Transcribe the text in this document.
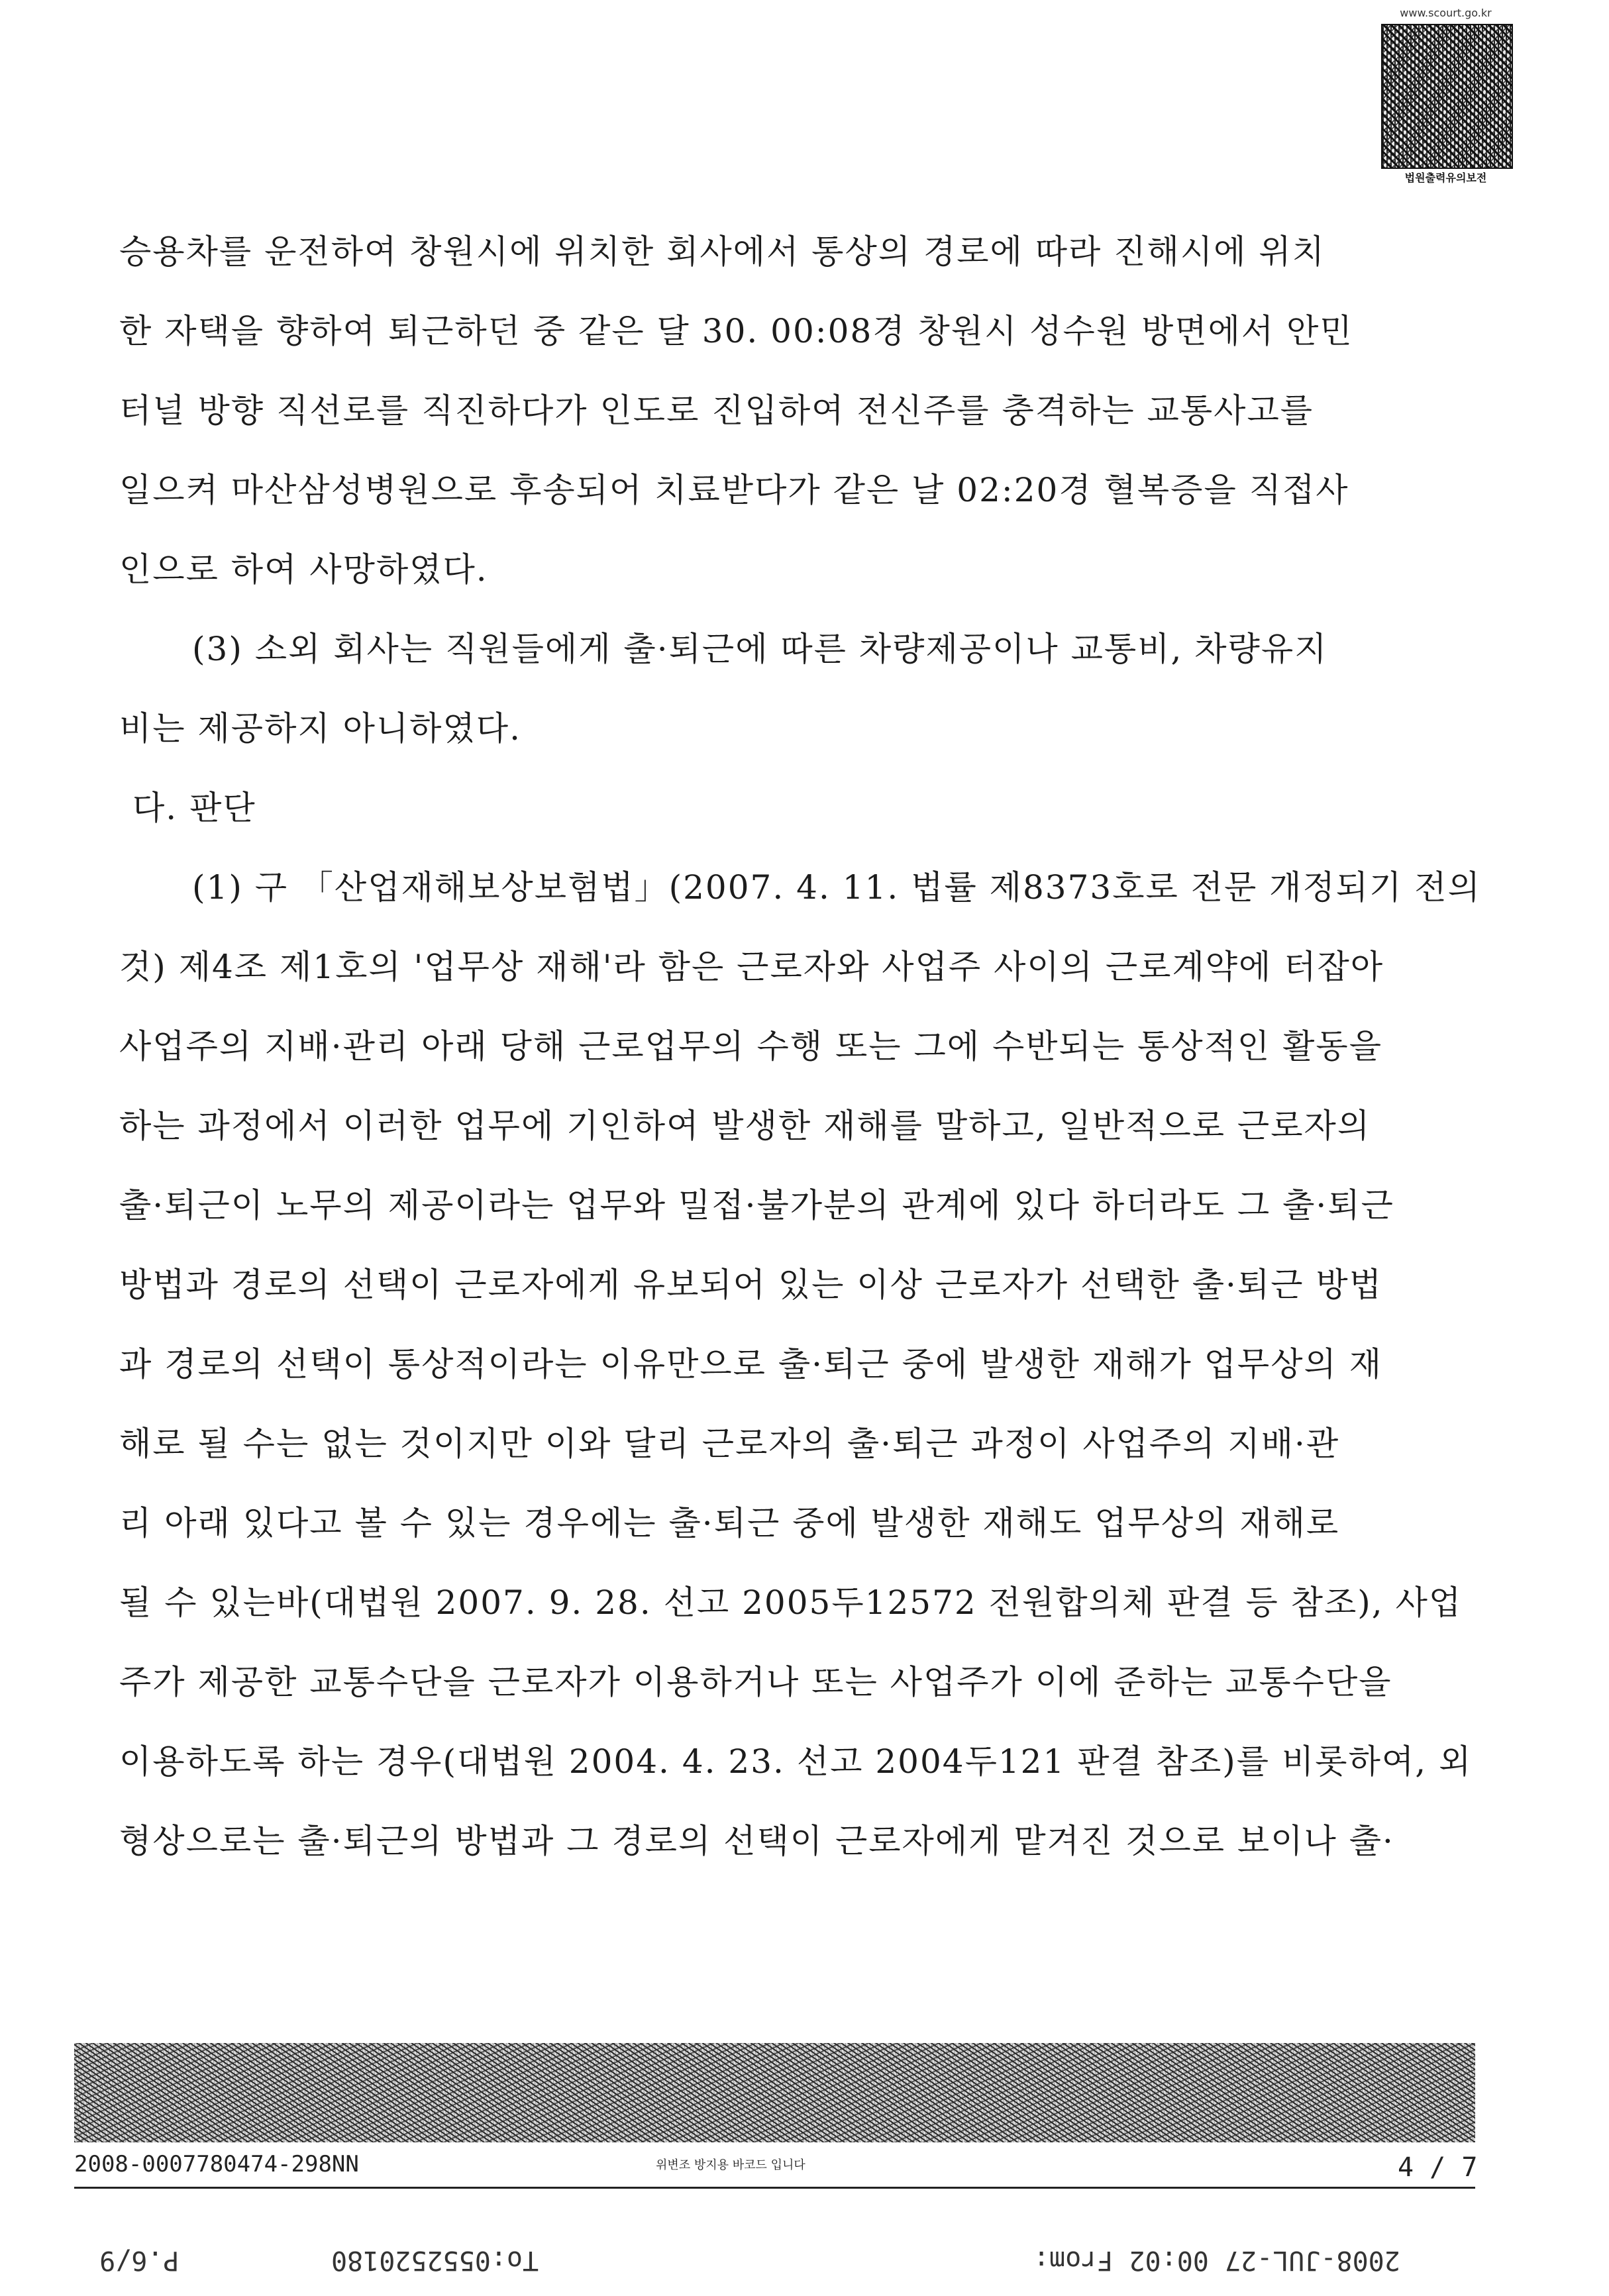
www.scourt.go.kr
법원출력유의보전
승용차를 운전하여 창원시에 위치한 회사에서 통상의 경로에 따라 진해시에 위치
한 자택을 향하여 퇴근하던 중 같은 달 30. 00:08경 창원시 성수원 방면에서 안민
터널 방향 직선로를 직진하다가 인도로 진입하여 전신주를 충격하는 교통사고를
일으켜 마산삼성병원으로 후송되어 치료받다가 같은 날 02:20경 혈복증을 직접사
인으로 하여 사망하였다.
(3) 소외 회사는 직원들에게 출·퇴근에 따른 차량제공이나 교통비, 차량유지
비는 제공하지 아니하였다.
다. 판단
(1) 구 「산업재해보상보험법」(2007. 4. 11. 법률 제8373호로 전문 개정되기 전의
것) 제4조 제1호의 '업무상 재해'라 함은 근로자와 사업주 사이의 근로계약에 터잡아
사업주의 지배·관리 아래 당해 근로업무의 수행 또는 그에 수반되는 통상적인 활동을
하는 과정에서 이러한 업무에 기인하여 발생한 재해를 말하고, 일반적으로 근로자의
출·퇴근이 노무의 제공이라는 업무와 밀접·불가분의 관계에 있다 하더라도 그 출·퇴근
방법과 경로의 선택이 근로자에게 유보되어 있는 이상 근로자가 선택한 출·퇴근 방법
과 경로의 선택이 통상적이라는 이유만으로 출·퇴근 중에 발생한 재해가 업무상의 재
해로 될 수는 없는 것이지만 이와 달리 근로자의 출·퇴근 과정이 사업주의 지배·관
리 아래 있다고 볼 수 있는 경우에는 출·퇴근 중에 발생한 재해도 업무상의 재해로
될 수 있는바(대법원 2007. 9. 28. 선고 2005두12572 전원합의체 판결 등 참조), 사업
주가 제공한 교통수단을 근로자가 이용하거나 또는 사업주가 이에 준하는 교통수단을
이용하도록 하는 경우(대법원 2004. 4. 23. 선고 2004두121 판결 참조)를 비롯하여, 외
형상으로는 출·퇴근의 방법과 그 경로의 선택이 근로자에게 맡겨진 것으로 보이나 출·
2008-0007780474-298NN	위변조 방지용 바코드 입니다	4 / 7
P.6/9	To:0552520180	2008-JUL-27 00:02 From:
